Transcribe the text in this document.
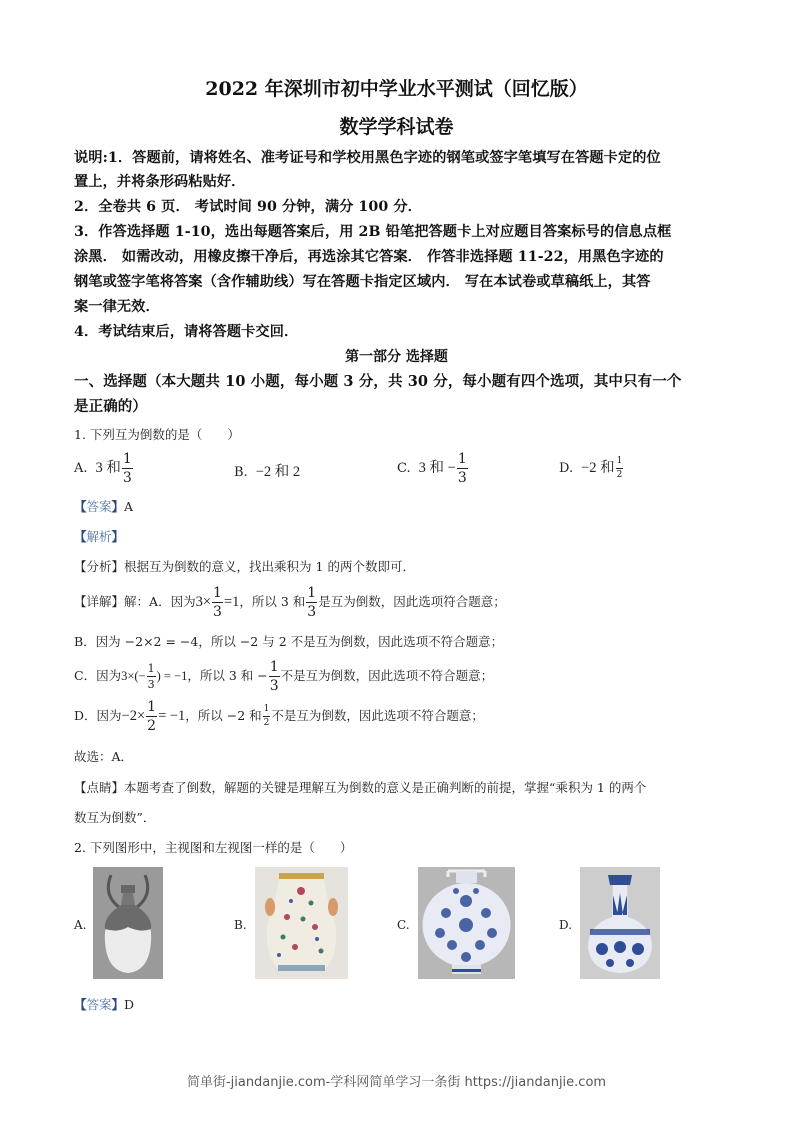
2022 年深圳市初中学业水平测试（回忆版）
数学学科试卷
说明:1．答题前，请将姓名、准考证号和学校用黑色字迹的钢笔或签字笔填写在答题卡定的位
置上，并将条形码粘贴好．
2．全卷共 6 页． 考试时间 90 分钟，满分 100 分．
3．作答选择题 1-10，选出每题答案后，用 2B 铅笔把答题卡上对应题目答案标号的信息点框
涂黑． 如需改动，用橡皮擦干净后，再选涂其它答案． 作答非选择题 11-22，用黑色字迹的
钢笔或签字笔将答案（含作辅助线）写在答题卡指定区域内． 写在本试卷或草稿纸上，其答
案一律无效．
4．考试结束后，请将答题卡交回．
第一部分 选择题
一、选择题（本大题共 10 小题，每小题 3 分，共 30 分，每小题有四个选项，其中只有一个
是正确的）
1. 下列互为倒数的是（　　）
A. 3 和 $\frac{1}{3}$	B. −2 和 2	C. 3 和 − $\frac{1}{3}$	D. −2 和 $\frac{1}{2}$
【答案】A
【解析】
【分析】根据互为倒数的意义，找出乘积为 1 的两个数即可．
【详解】解：A．因为$3\times \frac{1}{3} =1$，所以 3 和 $\frac{1}{3}$ 是互为倒数，因此选项符合题意；
B．因为 −2×2 = −4，所以 −2 与 2 不是互为倒数，因此选项不符合题意；
C．因为$3\times(- \frac{1}{3}$ ) = −1，所以 3 和 − $\frac{1}{3}$ 不是互为倒数，因此选项不符合题意；
D．因为$-2\times \frac{1}{2} = -1$，所以 −2 和 $\frac{1}{2}$ 不是互为倒数，因此选项不符合题意；
故选：A．
【点睛】本题考查了倒数，解题的关键是理解互为倒数的意义是正确判断的前提，掌握“乘积为 1 的两个
数互为倒数”．
2. 下列图形中，主视图和左视图一样的是（　　）
A.	B.	C.	D.
【答案】D
简单街-jiandanjie.com-学科网简单学习一条街 https://jiandanjie.com
